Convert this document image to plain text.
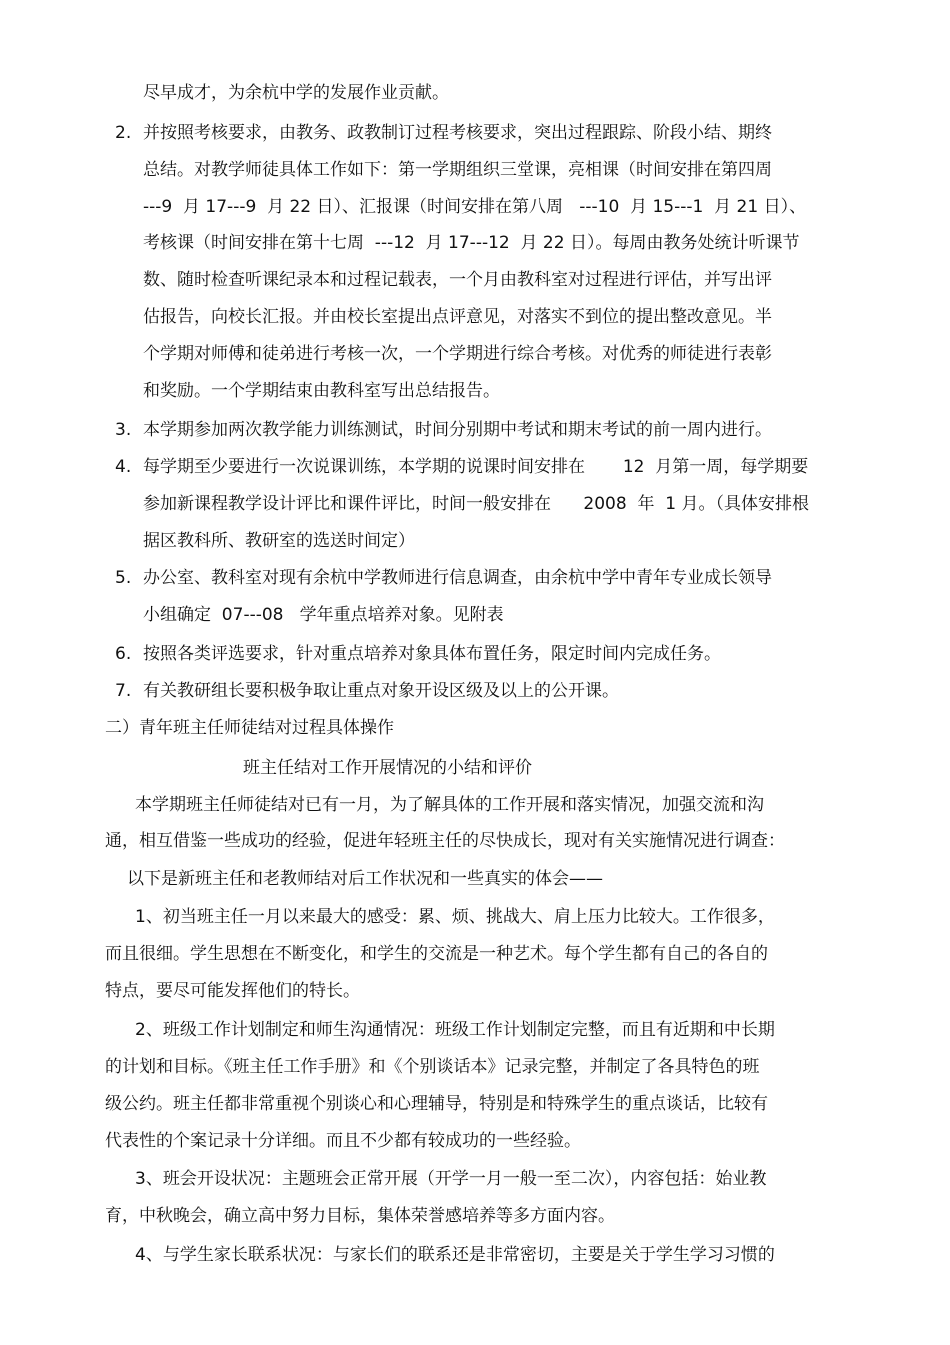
尽早成才，为余杭中学的发展作业贡献。
2. 并按照考核要求，由教务、政教制订过程考核要求，突出过程跟踪、阶段小结、期终
总结。对教学师徒具体工作如下：第一学期组织三堂课，亮相课（时间安排在第四周
---9  月 17---9  月 22 日）、汇报课（时间安排在第八周   ---10  月 15---1  月 21 日）、
考核课（时间安排在第十七周  ---12  月 17---12  月 22 日）。每周由教务处统计听课节
数、随时检查听课纪录本和过程记载表，一个月由教科室对过程进行评估，并写出评
估报告，向校长汇报。并由校长室提出点评意见，对落实不到位的提出整改意见。半
个学期对师傅和徒弟进行考核一次，一个学期进行综合考核。对优秀的师徒进行表彰
和奖励。一个学期结束由教科室写出总结报告。
3. 本学期参加两次教学能力训练测试，时间分别期中考试和期末考试的前一周内进行。
4. 每学期至少要进行一次说课训练，本学期的说课时间安排在       12  月第一周，每学期要
参加新课程教学设计评比和课件评比，时间一般安排在      2008  年  1 月。（具体安排根
据区教科所、教研室的选送时间定）
5. 办公室、教科室对现有余杭中学教师进行信息调查，由余杭中学中青年专业成长领导
小组确定  07---08   学年重点培养对象。见附表
6. 按照各类评选要求，针对重点培养对象具体布置任务，限定时间内完成任务。
7. 有关教研组长要积极争取让重点对象开设区级及以上的公开课。
二）青年班主任师徒结对过程具体操作
班主任结对工作开展情况的小结和评价
本学期班主任师徒结对已有一月，为了解具体的工作开展和落实情况，加强交流和沟
通，相互借鉴一些成功的经验，促进年轻班主任的尽快成长，现对有关实施情况进行调查：
以下是新班主任和老教师结对后工作状况和一些真实的体会——
1、初当班主任一月以来最大的感受：累、烦、挑战大、肩上压力比较大。工作很多，
而且很细。学生思想在不断变化，和学生的交流是一种艺术。每个学生都有自己的各自的
特点，要尽可能发挥他们的特长。
2、班级工作计划制定和师生沟通情况：班级工作计划制定完整，而且有近期和中长期
的计划和目标。《班主任工作手册》和《个别谈话本》记录完整，并制定了各具特色的班
级公约。班主任都非常重视个别谈心和心理辅导，特别是和特殊学生的重点谈话，比较有
代表性的个案记录十分详细。而且不少都有较成功的一些经验。
3、班会开设状况：主题班会正常开展（开学一月一般一至二次），内容包括：始业教
育，中秋晚会，确立高中努力目标，集体荣誉感培养等多方面内容。
4、与学生家长联系状况：与家长们的联系还是非常密切，主要是关于学生学习习惯的
